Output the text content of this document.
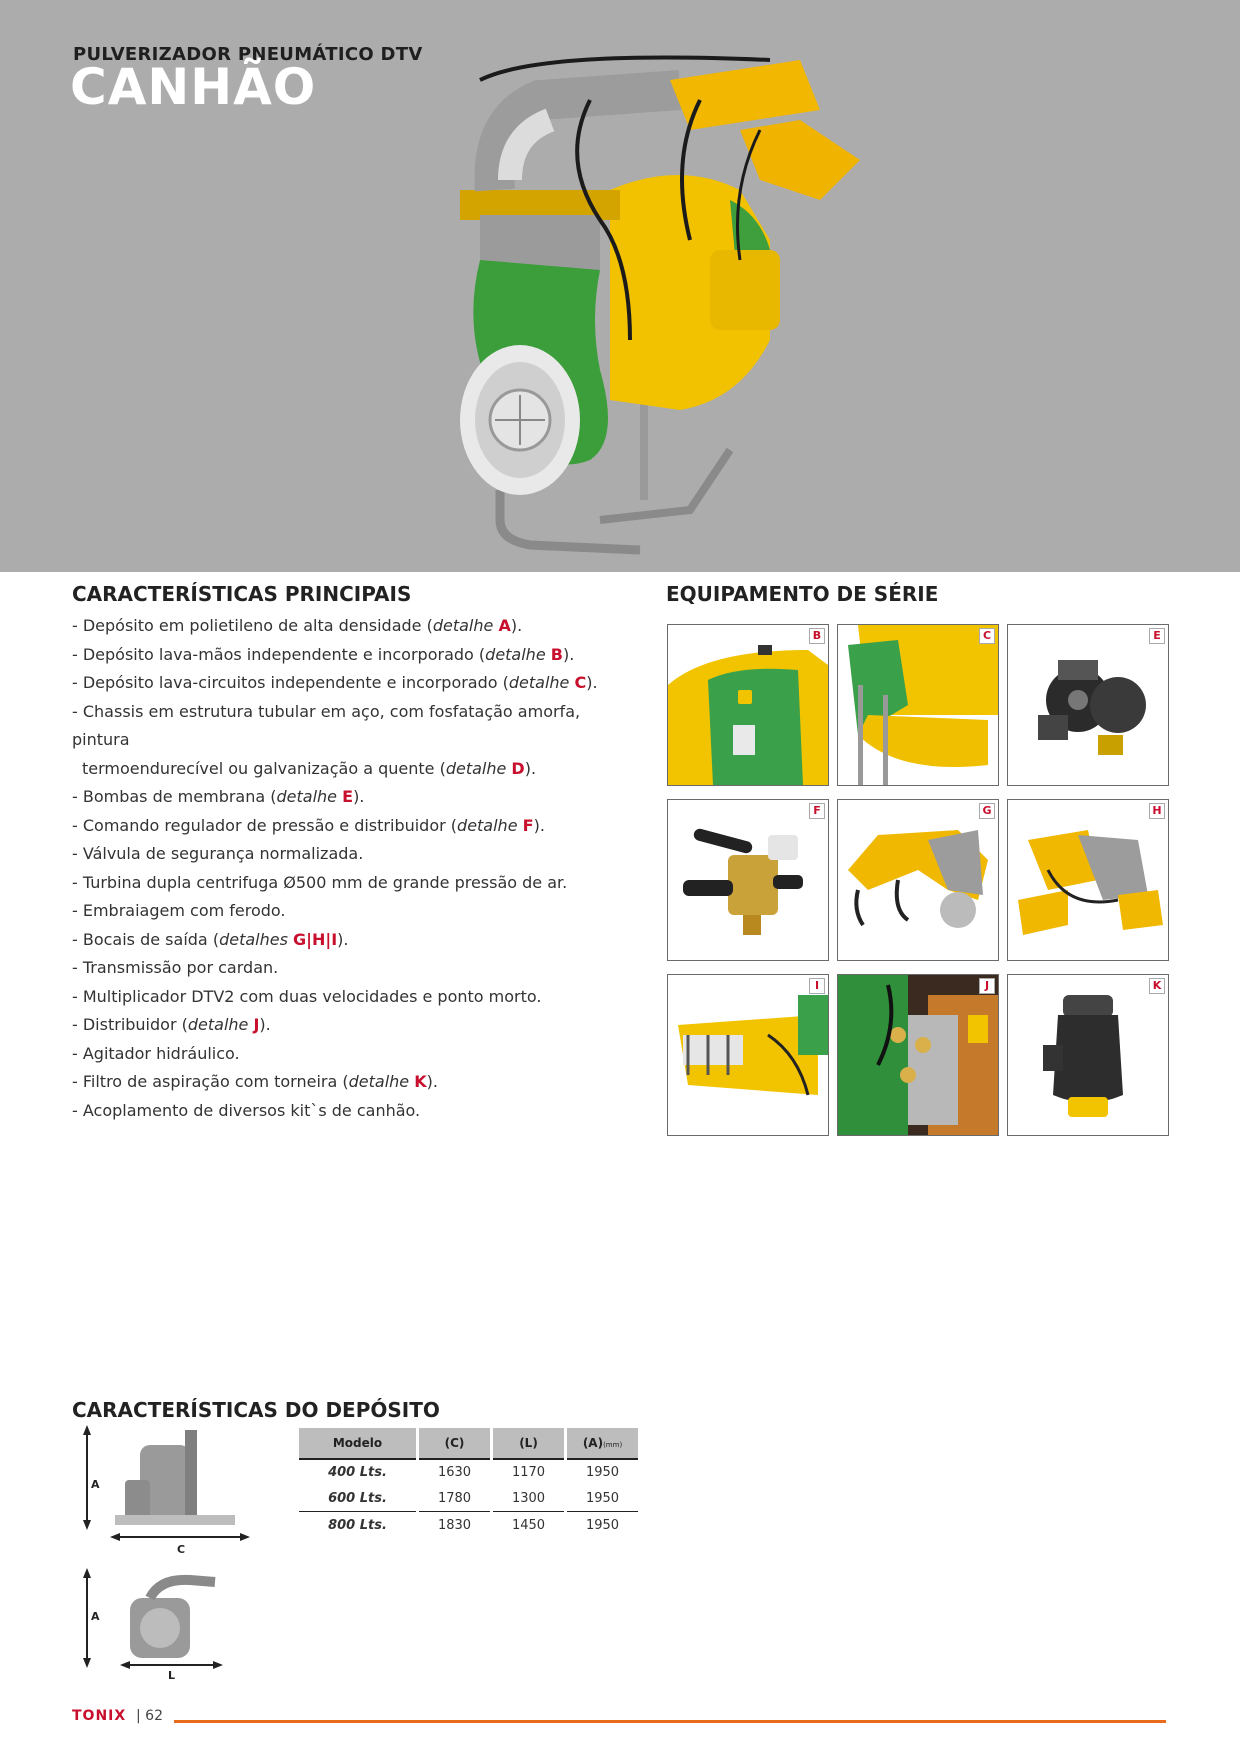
PULVERIZADOR PNEUMÁTICO DTV
CANHÃO
CARACTERÍSTICAS PRINCIPAIS
- Depósito em polietileno de alta densidade (detalhe A).
- Depósito lava-mãos independente e incorporado (detalhe B).
- Depósito lava-circuitos independente e incorporado (detalhe C).
- Chassis em estrutura tubular em aço, com fosfatação amorfa, pintura
termoendurecível ou galvanização a quente (detalhe D).
- Bombas de membrana (detalhe E).
- Comando regulador de pressão e distribuidor (detalhe F).
- Válvula de segurança normalizada.
- Turbina dupla centrifuga Ø500 mm de grande pressão de ar.
- Embraiagem com ferodo.
- Bocais de saída (detalhes G|H|I).
- Transmissão por cardan.
- Multiplicador DTV2 com duas velocidades e ponto morto.
- Distribuidor (detalhe J).
- Agitador hidráulico.
- Filtro de aspiração com torneira (detalhe K).
- Acoplamento de diversos kit`s de canhão.
EQUIPAMENTO DE SÉRIE
B	C	E
F	G	H
I	J	K
CARACTERÍSTICAS DO DEPÓSITO
A
C
A
L
Modelo	(C)	(L)	(A)(mm)
400 Lts.	1630	1170	1950
600 Lts.	1780	1300	1950
800 Lts.	1830	1450	1950
TONIX | 62
